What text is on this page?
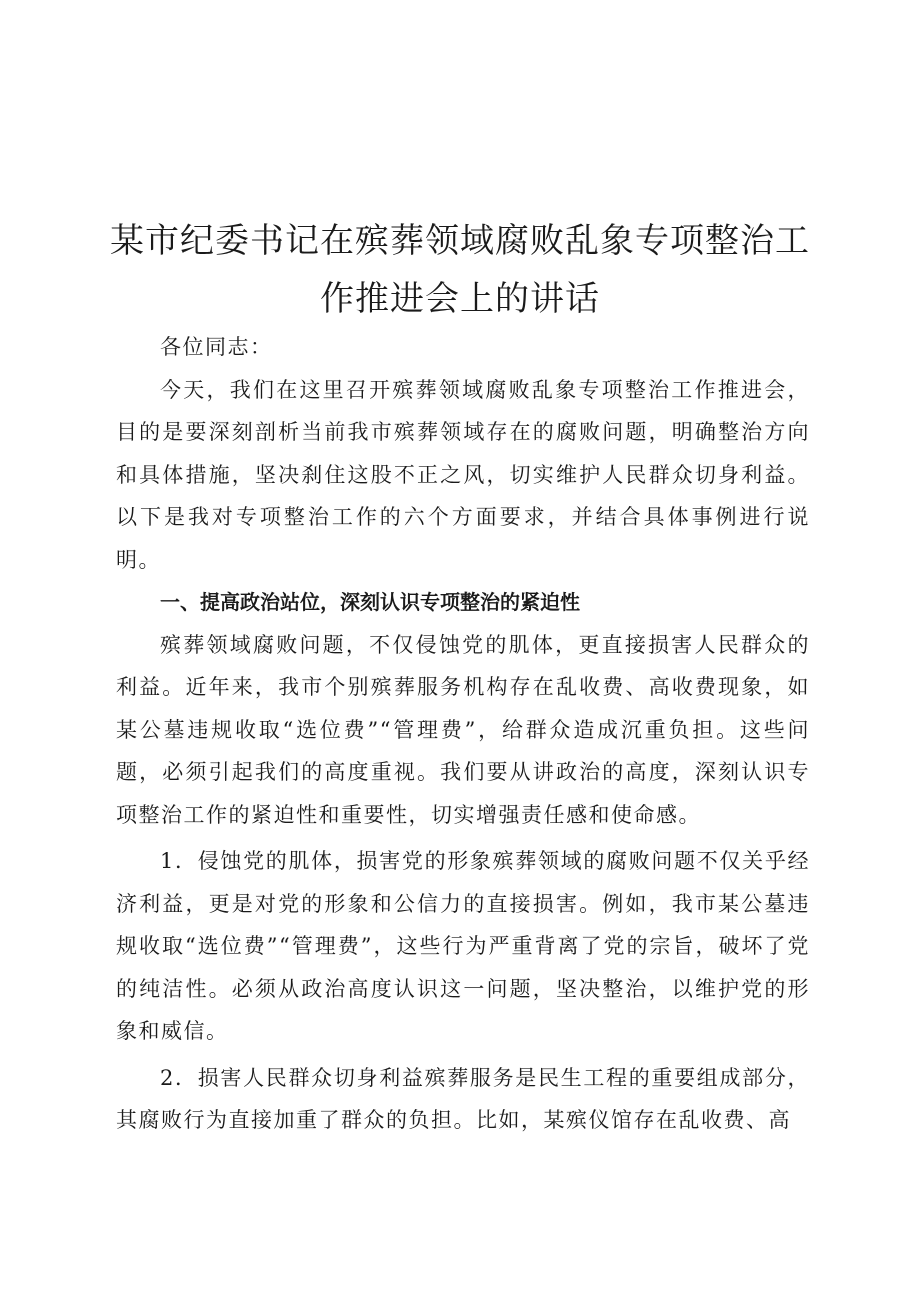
某市纪委书记在殡葬领域腐败乱象专项整治工
作推进会上的讲话

各位同志：

今天，我们在这里召开殡葬领域腐败乱象专项整治工作推进会，目的是要深刻剖析当前我市殡葬领域存在的腐败问题，明确整治方向和具体措施，坚决刹住这股不正之风，切实维护人民群众切身利益。以下是我对专项整治工作的六个方面要求，并结合具体事例进行说明。

一、提高政治站位，深刻认识专项整治的紧迫性

殡葬领域腐败问题，不仅侵蚀党的肌体，更直接损害人民群众的利益。近年来，我市个别殡葬服务机构存在乱收费、高收费现象，如某公墓违规收取“选位费”“管理费”，给群众造成沉重负担。这些问题，必须引起我们的高度重视。我们要从讲政治的高度，深刻认识专项整治工作的紧迫性和重要性，切实增强责任感和使命感。

1．侵蚀党的肌体，损害党的形象殡葬领域的腐败问题不仅关乎经济利益，更是对党的形象和公信力的直接损害。例如，我市某公墓违规收取“选位费”“管理费”，这些行为严重背离了党的宗旨，破坏了党的纯洁性。必须从政治高度认识这一问题，坚决整治，以维护党的形象和威信。

2．损害人民群众切身利益殡葬服务是民生工程的重要组成部分，其腐败行为直接加重了群众的负担。比如，某殡仪馆存在乱收费、高
